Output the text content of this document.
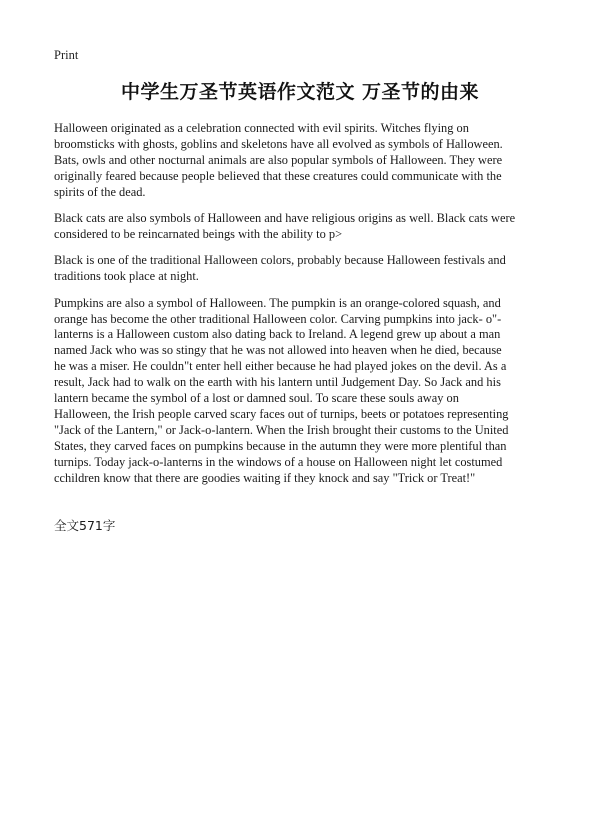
Print
中学生万圣节英语作文范文 万圣节的由来

Halloween originated as a celebration connected with evil spirits. Witches flying on broomsticks with ghosts, goblins and skeletons have all evolved as symbols of Halloween. Bats, owls and other nocturnal animals are also popular symbols of Halloween. They were originally feared because people believed that these creatures could communicate with the spirits of the dead.

Black cats are also symbols of Halloween and have religious origins as well. Black cats were considered to be reincarnated beings with the ability to p>

Black is one of the traditional Halloween colors, probably because Halloween festivals and traditions took place at night.

Pumpkins are also a symbol of Halloween. The pumpkin is an orange-colored squash, and orange has become the other traditional Halloween color. Carving pumpkins into jack- o"-lanterns is a Halloween custom also dating back to Ireland. A legend grew up about a man named Jack who was so stingy that he was not allowed into heaven when he died, because he was a miser. He couldn"t enter hell either because he had played jokes on the devil. As a result, Jack had to walk on the earth with his lantern until Judgement Day. So Jack and his lantern became the symbol of a lost or damned soul. To scare these souls away on Halloween, the Irish people carved scary faces out of turnips, beets or potatoes representing "Jack of the Lantern," or Jack-o-lantern. When the Irish brought their customs to the United States, they carved faces on pumpkins because in the autumn they were more plentiful than turnips. Today jack-o-lanterns in the windows of a house on Halloween night let costumed cchildren know that there are goodies waiting if they knock and say "Trick or Treat!"

全文571字
